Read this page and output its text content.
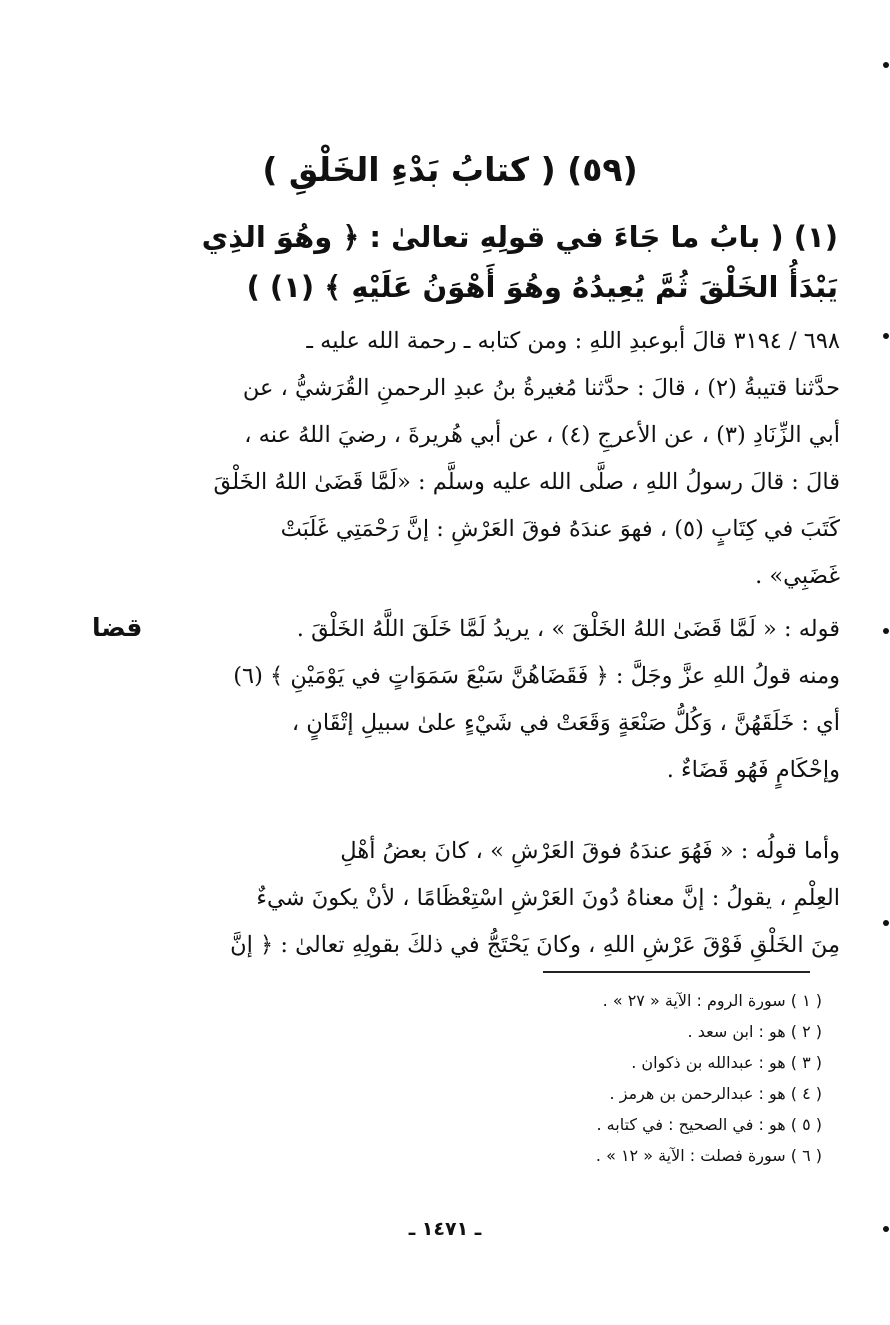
(٥٩) ( كتابُ بَدْءِ الخَلْقِ )
(١) ( بابُ ما جَاءَ في قولِهِ تعالىٰ : ﴿ وهُوَ الذِي
يَبْدَأُ الخَلْقَ ثُمَّ يُعِيدُهُ وهُوَ أَهْوَنُ عَلَيْهِ ﴾ (١) )
٦٩٨ / ٣١٩٤ قالَ أبوعبدِ اللهِ : ومن كتابه ـ رحمة الله عليه ـ
حدَّثنا قتيبةُ (٢) ، قالَ : حدَّثنا مُغيرةُ بنُ عبدِ الرحمنِ القُرَشيُّ ، عن
أبي الزِّنَادِ (٣) ، عن الأعرجِ (٤) ، عن أبي هُريرةَ ، رضيَ اللهُ عنه ،
قالَ : قالَ رسولُ اللهِ ، صلَّى الله عليه وسلَّم : «لَمَّا قَضَىٰ اللهُ الخَلْقَ
كَتَبَ في كِتَابٍ (٥) ، فهوَ عندَهُ فوقَ العَرْشِ : إنَّ رَحْمَتِي غَلَبَتْ
غَضَبِي» .
قضا	قوله : « لَمَّا قَضَىٰ اللهُ الخَلْقَ » ، يريدُ لَمَّا خَلَقَ اللَّهُ الخَلْقَ .
ومنه قولُ اللهِ عزَّ وجَلَّ : ﴿ فَقَضَاهُنَّ سَبْعَ سَمَوَاتٍ في يَوْمَيْنِ ﴾ (٦)
أي : خَلَقَهُنَّ ، وَكُلُّ صَنْعَةٍ وَقَعَتْ في شَيْءٍ علىٰ سبيلِ إتْقَانٍ ،
وإحْكَامٍ فَهُو قَضَاءٌ .
وأما قولُه : « فَهُوَ عندَهُ فوقَ العَرْشِ » ، كانَ بعضُ أهْلِ
العِلْمِ ، يقولُ : إنَّ معناهُ دُونَ العَرْشِ اسْتِعْظَامًا ، لأنْ يكونَ شيءٌ
مِنَ الخَلْقِ فَوْقَ عَرْشِ اللهِ ، وكانَ يَحْتَجُّ في ذلكَ بقولِهِ تعالىٰ : ﴿ إنَّ
( ١ ) سورة الروم : الآية « ٢٧ » .
( ٢ ) هو : ابن سعد .
( ٣ ) هو : عبدالله بن ذكوان .
( ٤ ) هو : عبدالرحمن بن هرمز .
( ٥ ) هو : في الصحيح : في كتابه .
( ٦ ) سورة فصلت : الآية « ١٢ » .
ـ ١٤٧١ ـ
